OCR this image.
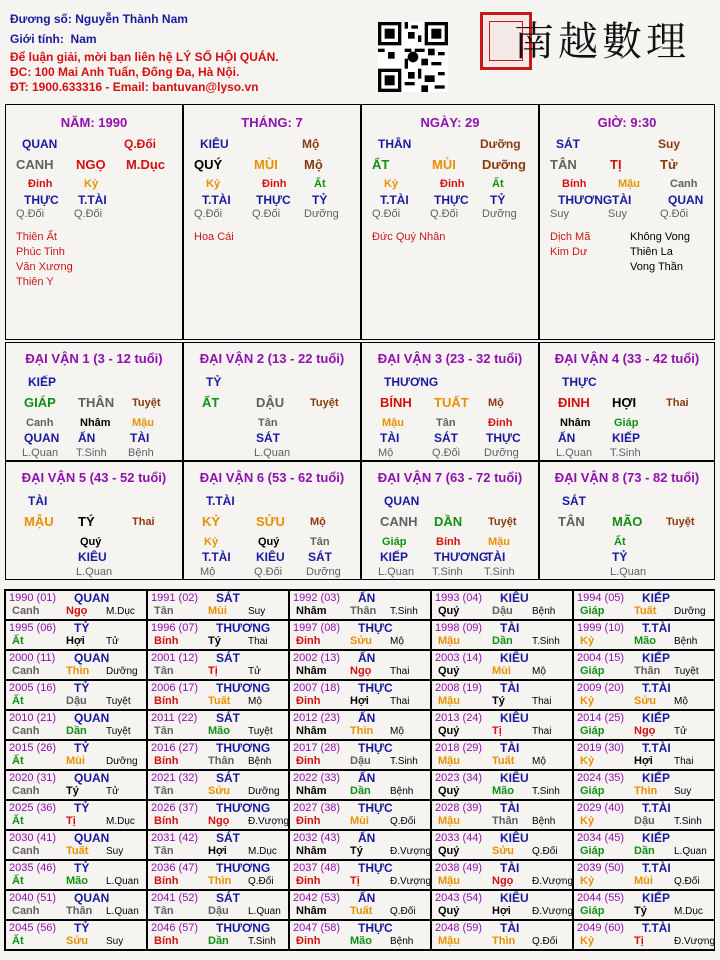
Đương số: Nguyễn Thành Nam
Giới tính: Nam
Để luận giải, mời bạn liên hệ LÝ SỐ HỘI QUÁN.
ĐC: 100 Mai Anh Tuấn, Đống Đa, Hà Nội.
ĐT: 1900.633316 - Email: bantuvan@lyso.vn
南越數理
NĂM: 1990
QUAN	Q.Đối
CANH NGỌ M.Dục
Đinh	Kỷ
THỰC T.TÀI
Q.Đối	Q.Đối
Thiên Ất
Phúc Tinh
Văn Xương
Thiên Y
THÁNG: 7
KIÊU	Mộ
QUÝ MÙI Mộ
Kỷ	Đinh	Ất
T.TÀI THỰC TỶ
Q.Đối	Q.Đối Dưỡng
Hoa Cái
NGÀY: 29
THÂN	Dưỡng
ẤT	MÙI Dưỡng
Kỷ	Đinh	Ất
T.TÀI THỰC TỶ
Q.Đối	Q.Đối Dưỡng
Đức Quý Nhân
GIỜ: 9:30
SÁT	Suy
TÂN	TỊ	Tử
Bính	Mậu	Canh
THƯƠNG TÀI	QUAN
Suy	Suy	Q.Đối
Dịch Mã
Kim Dư
Không Vong
Thiên La
Vong Thần
ĐẠI VẬN 1 (3 - 12 tuổi)
KIẾP
GIÁP THÂN Tuyệt
Canh Nhâm Mậu
QUAN ẤN	TÀI
L.Quan T.Sinh Bệnh
ĐẠI VẬN 2 (13 - 22 tuổi)
TỶ
ẤT	DẬU Tuyệt
Tân
SÁT
L.Quan
ĐẠI VẬN 3 (23 - 32 tuổi)
THƯƠNG
BÍNH TUẤT Mộ
Mậu	Tân	Đinh
TÀI	SÁT THỰC
Mộ	Q.Đối Dưỡng
ĐẠI VẬN 4 (33 - 42 tuổi)
THỰC
ĐINH HỢI	Thai
Nhâm Giáp
ẤN	KIẾP
L.Quan T.Sinh
ĐẠI VẬN 5 (43 - 52 tuổi)
TÀI
MẬU TÝ	Thai
Quý
KIÊU
L.Quan
ĐẠI VẬN 6 (53 - 62 tuổi)
T.TÀI
KỶ	SỬU Mộ
Kỷ	Quý	Tân
T.TÀI KIÊU SÁT
Mộ	Q.Đối Dưỡng
ĐẠI VẬN 7 (63 - 72 tuổi)
QUAN
CANH DẦN Tuyệt
Giáp	Bính	Mậu
KIẾP THƯƠNG
TÀI
L.Quan T.Sinh T.Sinh
ĐẠI VẬN 8 (73 - 82 tuổi)
SÁT
TÂN MÃO Tuyệt
Ất
TỶ
L.Quan
1990 (01) QUAN
Canh Ngọ M.Dục
1991 (02) SÁT
Tân	Mùi Suy
1992 (03) ẤN
Nhâm Thân T.Sinh
1993 (04) KIÊU
Quý	Dậu Bệnh
1994 (05) KIẾP
Giáp	Tuất Dưỡng
1995 (06) TỶ
Ất	Hợi Tử
1996 (07) THƯƠNG
Bính	Tý	Thai
1997 (08) THỰC
Đinh	Sửu Mộ
1998 (09) TÀI
Mậu	Dần T.Sinh
1999 (10) T.TÀI
Kỷ	Mão Bệnh
2000 (11) QUAN
Canh Thìn Dưỡng
2001 (12) SÁT
Tân	Tị	Tử
2002 (13) ẤN
Nhâm Ngọ Thai
2003 (14) KIÊU
Quý	Mùi Mộ
2004 (15) KIẾP
Giáp	Thân Tuyệt
2005 (16) TỶ
Ất	Dậu Tuyệt
2006 (17) THƯƠNG
Bính	Tuất Mộ
2007 (18) THỰC
Đinh	Hợi Thai
2008 (19) TÀI
Mậu	Tý	Thai
2009 (20) T.TÀI
Kỷ	Sửu Mộ
2010 (21) QUAN
Canh Dần Tuyệt
2011 (22) SÁT
Tân	Mão Tuyệt
2012 (23) ẤN
Nhâm Thìn Mộ
2013 (24) KIÊU
Quý	Tị	Thai
2014 (25) KIẾP
Giáp	Ngọ Tử
2015 (26) TỶ
Ất	Mùi Dưỡng
2016 (27) THƯƠNG
Bính	Thân Bệnh
2017 (28) THỰC
Đinh	Dậu T.Sinh
2018 (29) TÀI
Mậu	Tuất Mộ
2019 (30) T.TÀI
Kỷ	Hợi Thai
2020 (31) QUAN
Canh Tý	Tử
2021 (32) SÁT
Tân	Sửu Dưỡng
2022 (33) ẤN
Nhâm Dần Bệnh
2023 (34) KIÊU
Quý	Mão T.Sinh
2024 (35) KIẾP
Giáp	Thìn Suy
2025 (36) TỶ
Ất	Tị	M.Dục
2026 (37) THƯƠNG
Bính	Ngọ Đ.Vượng
2027 (38) THỰC
Đinh	Mùi Q.Đối
2028 (39) TÀI
Mậu	Thân Bệnh
2029 (40) T.TÀI
Kỷ	Dậu T.Sinh
2030 (41) QUAN
Canh Tuất Suy
2031 (42) SÁT
Tân	Hợi M.Dục
2032 (43) ẤN
Nhâm Tý	Đ.Vượng
2033 (44) KIÊU
Quý	Sửu Q.Đối
2034 (45) KIẾP
Giáp	Dần L.Quan
2035 (46) TỶ
Ất	Mão L.Quan
2036 (47) THƯƠNG
Bính	Thìn Q.Đối
2037 (48) THỰC
Đinh	Tị	Đ.Vượng
2038 (49) TÀI
Mậu	Ngọ Đ.Vượng
2039 (50) T.TÀI
Kỷ	Mùi Q.Đối
2040 (51) QUAN
Canh Thân L.Quan
2041 (52) SÁT
Tân	Dậu L.Quan
2042 (53) ẤN
Nhâm Tuất Q.Đối
2043 (54) KIÊU
Quý	Hợi Đ.Vượng
2044 (55) KIẾP
Giáp	Tý	M.Dục
2045 (56) TỶ
Ất	Sửu Suy
2046 (57) THƯƠNG
Bính	Dần T.Sinh
2047 (58) THỰC
Đinh	Mão Bệnh
2048 (59) TÀI
Mậu	Thìn Q.Đối
2049 (60) T.TÀI
Kỷ	Tị	Đ.Vượng
